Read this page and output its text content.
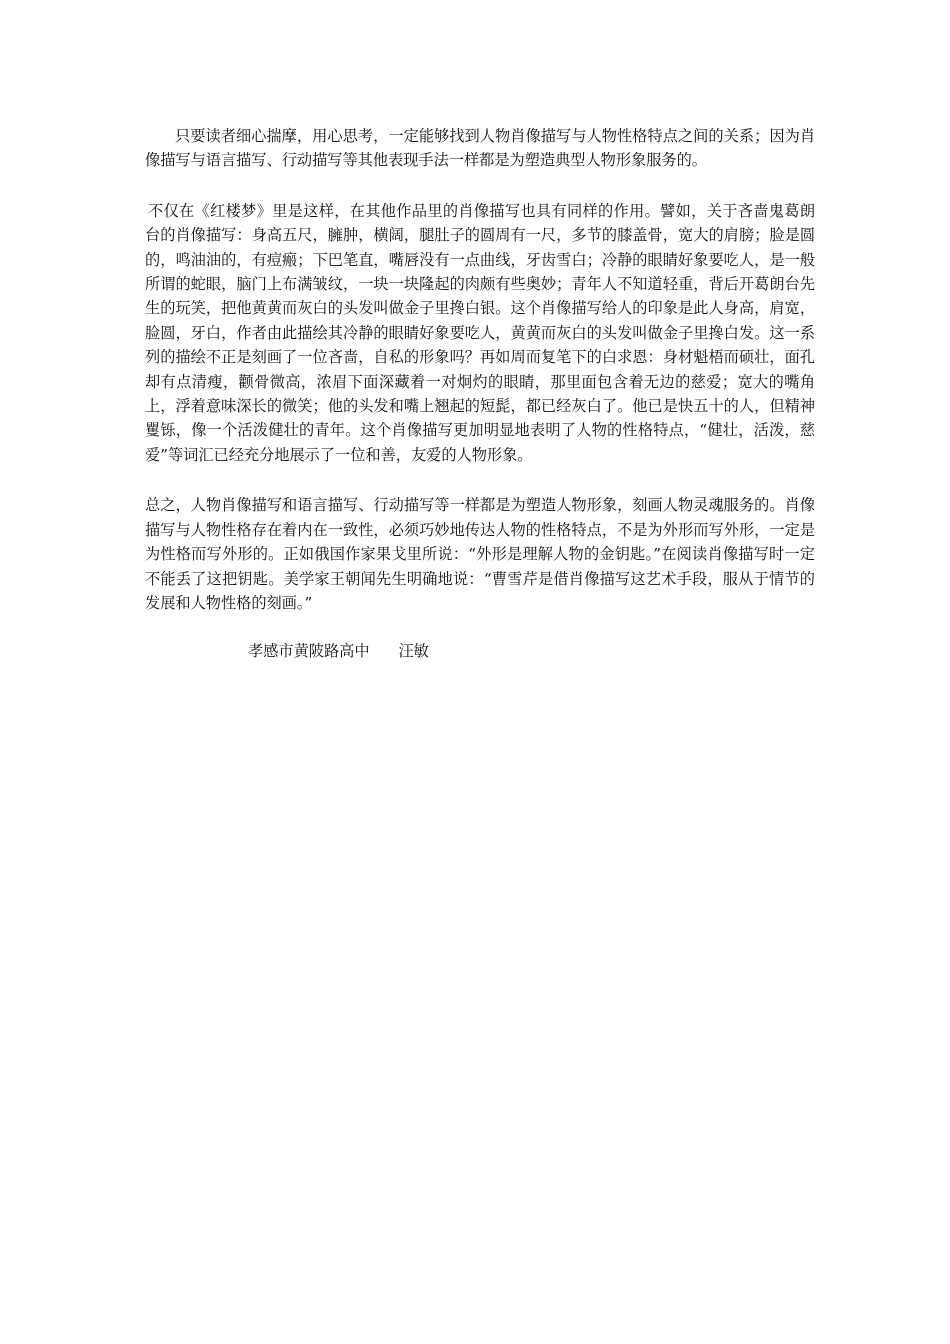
只要读者细心揣摩，用心思考，一定能够找到人物肖像描写与人物性格特点之间的关系；因为肖像描写与语言描写、行动描写等其他表现手法一样都是为塑造典型人物形象服务的。

不仅在《红楼梦》里是这样，在其他作品里的肖像描写也具有同样的作用。譬如，关于吝啬鬼葛朗台的肖像描写：身高五尺，臃肿，横阔，腿肚子的圆周有一尺，多节的膝盖骨，宽大的肩膀；脸是圆的，鸣油油的，有痘瘢；下巴笔直，嘴唇没有一点曲线，牙齿雪白；冷静的眼睛好象要吃人，是一般所谓的蛇眼，脑门上布满皱纹，一块一块隆起的肉颇有些奥妙；青年人不知道轻重，背后开葛朗台先生的玩笑，把他黄黄而灰白的头发叫做金子里搀白银。这个肖像描写给人的印象是此人身高，肩宽，脸圆，牙白，作者由此描绘其冷静的眼睛好象要吃人，黄黄而灰白的头发叫做金子里搀白发。这一系列的描绘不正是刻画了一位吝啬，自私的形象吗？再如周而复笔下的白求恩：身材魁梧而硕壮，面孔却有点清瘦，颧骨微高，浓眉下面深藏着一对炯灼的眼睛，那里面包含着无边的慈爱；宽大的嘴角上，浮着意味深长的微笑；他的头发和嘴上翘起的短髭，都已经灰白了。他已是快五十的人，但精神矍铄，像一个活泼健壮的青年。这个肖像描写更加明显地表明了人物的性格特点，“健壮，活泼，慈爱”等词汇已经充分地展示了一位和善，友爱的人物形象。

总之，人物肖像描写和语言描写、行动描写等一样都是为塑造人物形象，刻画人物灵魂服务的。肖像描写与人物性格存在着内在一致性，必须巧妙地传达人物的性格特点，不是为外形而写外形，一定是为性格而写外形的。正如俄国作家果戈里所说：“外形是理解人物的金钥匙。”在阅读肖像描写时一定不能丢了这把钥匙。美学家王朝闻先生明确地说：“曹雪芹是借肖像描写这艺术手段，服从于情节的发展和人物性格的刻画。”

孝感市黄陂路高中 汪敏
